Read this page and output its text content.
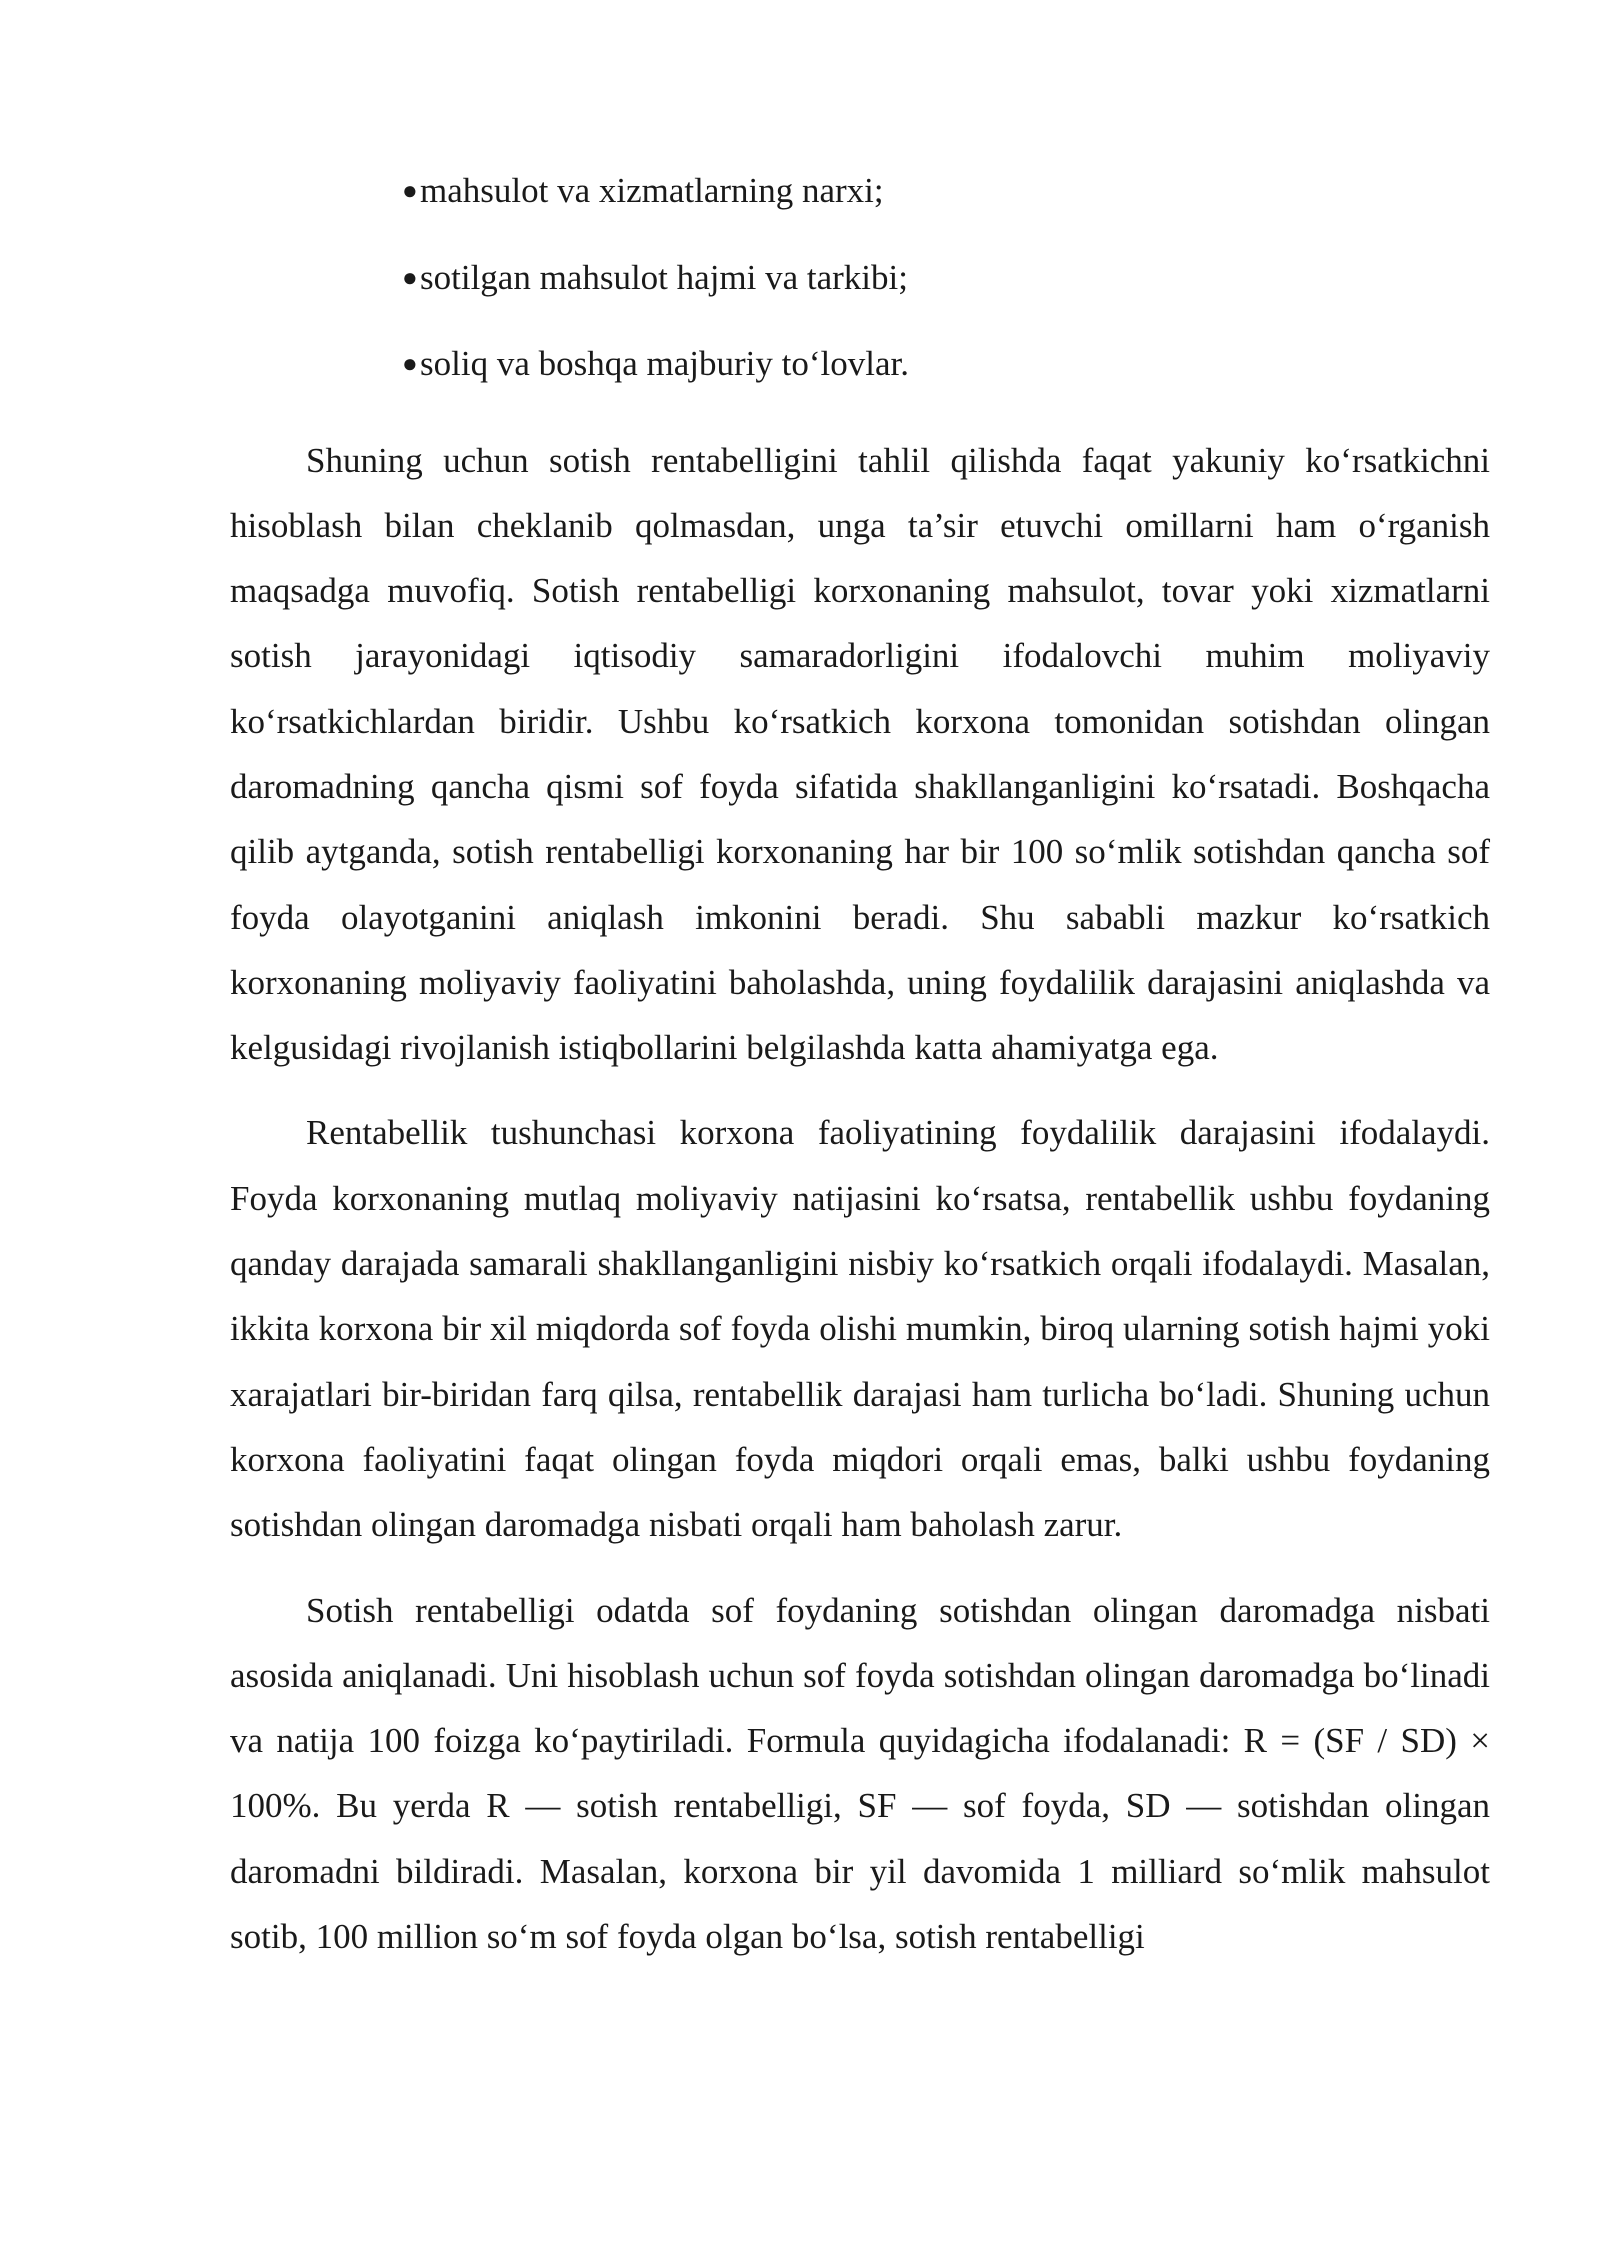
● mahsulot va xizmatlarning narxi;
● sotilgan mahsulot hajmi va tarkibi;
● soliq va boshqa majburiy to‘lovlar.

Shuning uchun sotish rentabelligini tahlil qilishda faqat yakuniy ko‘rsatkichni hisoblash bilan cheklanib qolmasdan, unga ta’sir etuvchi omillarni ham o‘rganish maqsadga muvofiq. Sotish rentabelligi korxonaning mahsulot, tovar yoki xizmatlarni sotish jarayonidagi iqtisodiy samaradorligini ifodalovchi muhim moliyaviy ko‘rsatkichlardan biridir. Ushbu ko‘rsatkich korxona tomonidan sotishdan olingan daromadning qancha qismi sof foyda sifatida shakllanganligini ko‘rsatadi. Boshqacha qilib aytganda, sotish rentabelligi korxonaning har bir 100 so‘mlik sotishdan qancha sof foyda olayotganini aniqlash imkonini beradi. Shu sababli mazkur ko‘rsatkich korxonaning moliyaviy faoliyatini baholashda, uning foydalilik darajasini aniqlashda va kelgusidagi rivojlanish istiqbollarini belgilashda katta ahamiyatga ega.

Rentabellik tushunchasi korxona faoliyatining foydalilik darajasini ifodalaydi. Foyda korxonaning mutlaq moliyaviy natijasini ko‘rsatsa, rentabellik ushbu foydaning qanday darajada samarali shakllanganligini nisbiy ko‘rsatkich orqali ifodalaydi. Masalan, ikkita korxona bir xil miqdorda sof foyda olishi mumkin, biroq ularning sotish hajmi yoki xarajatlari bir-biridan farq qilsa, rentabellik darajasi ham turlicha bo‘ladi. Shuning uchun korxona faoliyatini faqat olingan foyda miqdori orqali emas, balki ushbu foydaning sotishdan olingan daromadga nisbati orqali ham baholash zarur.

Sotish rentabelligi odatda sof foydaning sotishdan olingan daromadga nisbati asosida aniqlanadi. Uni hisoblash uchun sof foyda sotishdan olingan daromadga bo‘linadi va natija 100 foizga ko‘paytiriladi. Formula quyidagicha ifodalanadi: R = (SF / SD) × 100%. Bu yerda R — sotish rentabelligi, SF — sof foyda, SD — sotishdan olingan daromadni bildiradi. Masalan, korxona bir yil davomida 1 milliard so‘mlik mahsulot sotib, 100 million so‘m sof foyda olgan bo‘lsa, sotish rentabelligi
